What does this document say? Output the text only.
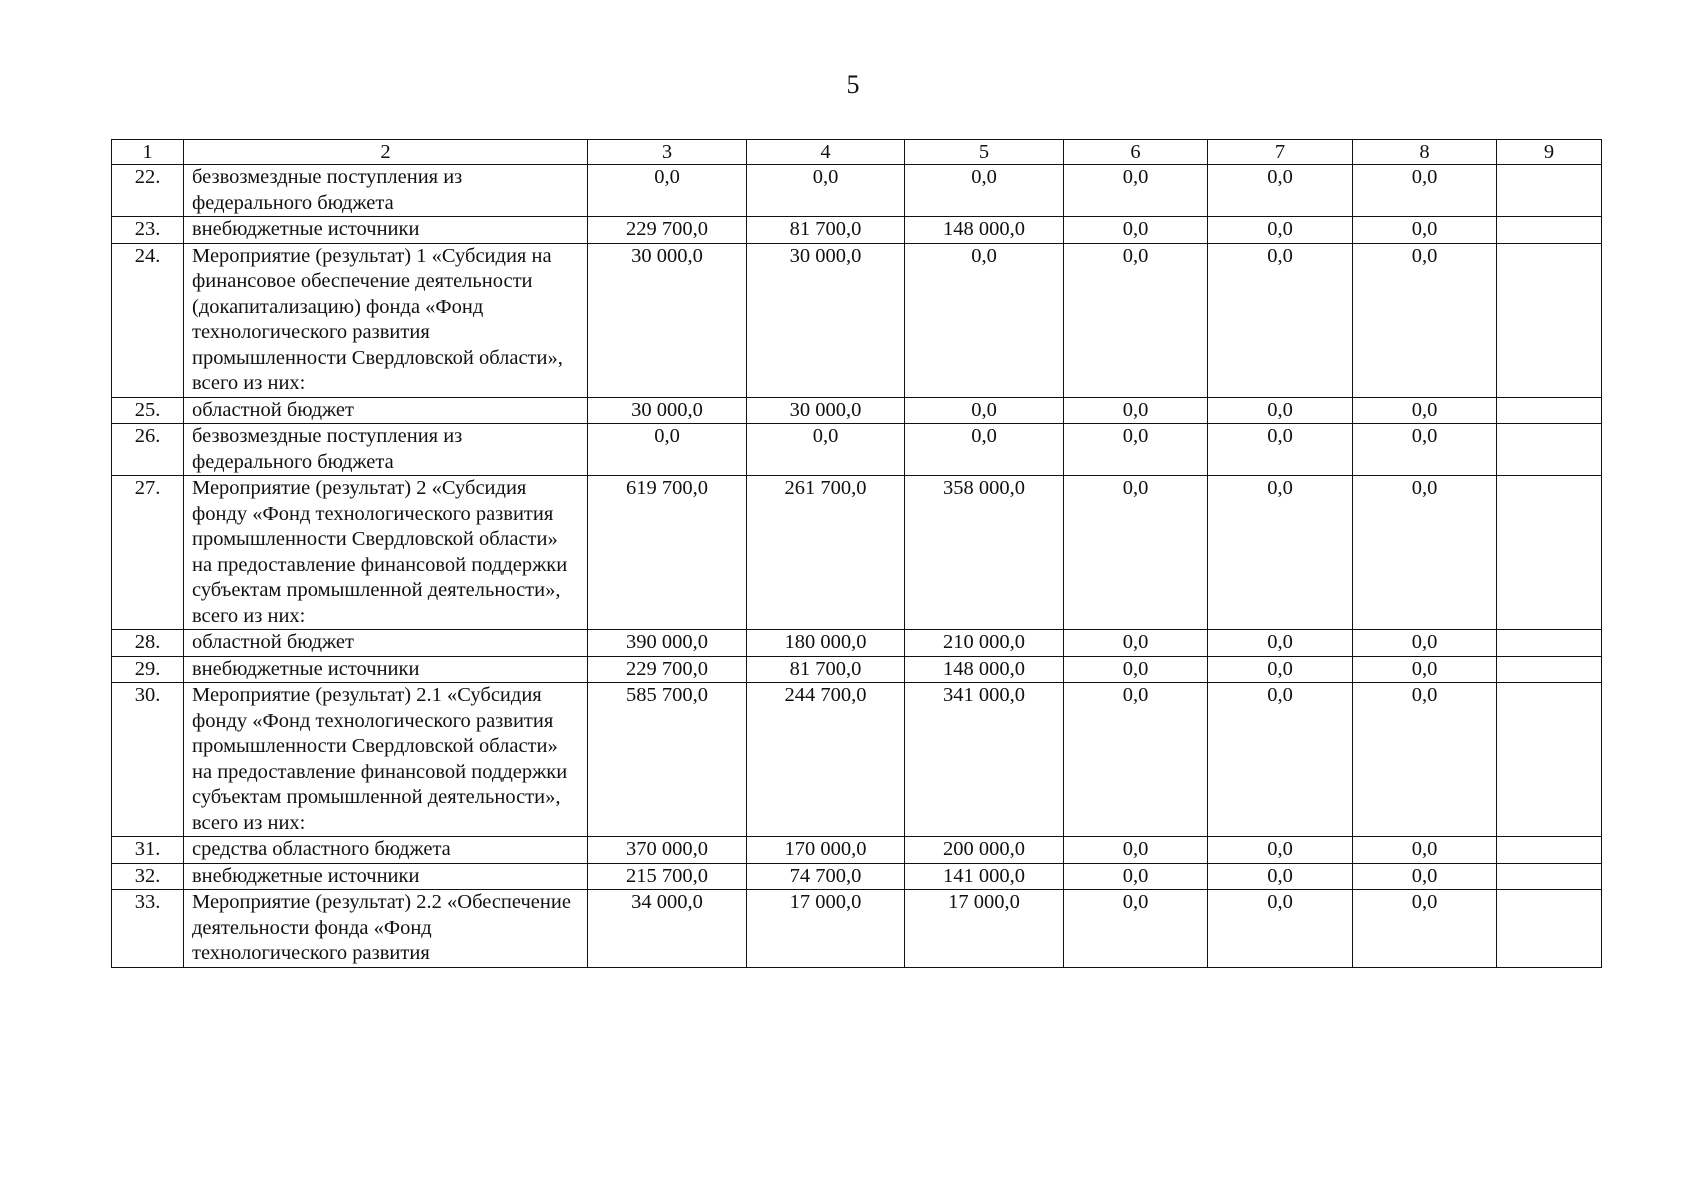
5
1	2	3	4	5	6	7	8	9
22.	безвозмездные поступления из федерального бюджета	0,0	0,0	0,0	0,0	0,0	0,0	
23.	внебюджетные источники	229 700,0	81 700,0	148 000,0	0,0	0,0	0,0	
24.	Мероприятие (результат) 1 «Субсидия на финансовое обеспечение деятельности (докапитализацию) фонда «Фонд технологического развития промышленности Свердловской области», всего из них:	30 000,0	30 000,0	0,0	0,0	0,0	0,0	
25.	областной бюджет	30 000,0	30 000,0	0,0	0,0	0,0	0,0	
26.	безвозмездные поступления из федерального бюджета	0,0	0,0	0,0	0,0	0,0	0,0	
27.	Мероприятие (результат) 2 «Субсидия фонду «Фонд технологического развития промышленности Свердловской области» на предоставление финансовой поддержки субъектам промышленной деятельности», всего из них:	619 700,0	261 700,0	358 000,0	0,0	0,0	0,0	
28.	областной бюджет	390 000,0	180 000,0	210 000,0	0,0	0,0	0,0	
29.	внебюджетные источники	229 700,0	81 700,0	148 000,0	0,0	0,0	0,0	
30.	Мероприятие (результат) 2.1 «Субсидия фонду «Фонд технологического развития промышленности Свердловской области» на предоставление финансовой поддержки субъектам промышленной деятельности», всего из них:	585 700,0	244 700,0	341 000,0	0,0	0,0	0,0	
31.	средства областного бюджета	370 000,0	170 000,0	200 000,0	0,0	0,0	0,0	
32.	внебюджетные источники	215 700,0	74 700,0	141 000,0	0,0	0,0	0,0	
33.	Мероприятие (результат) 2.2 «Обеспечение деятельности фонда «Фонд технологического развития	34 000,0	17 000,0	17 000,0	0,0	0,0	0,0	
